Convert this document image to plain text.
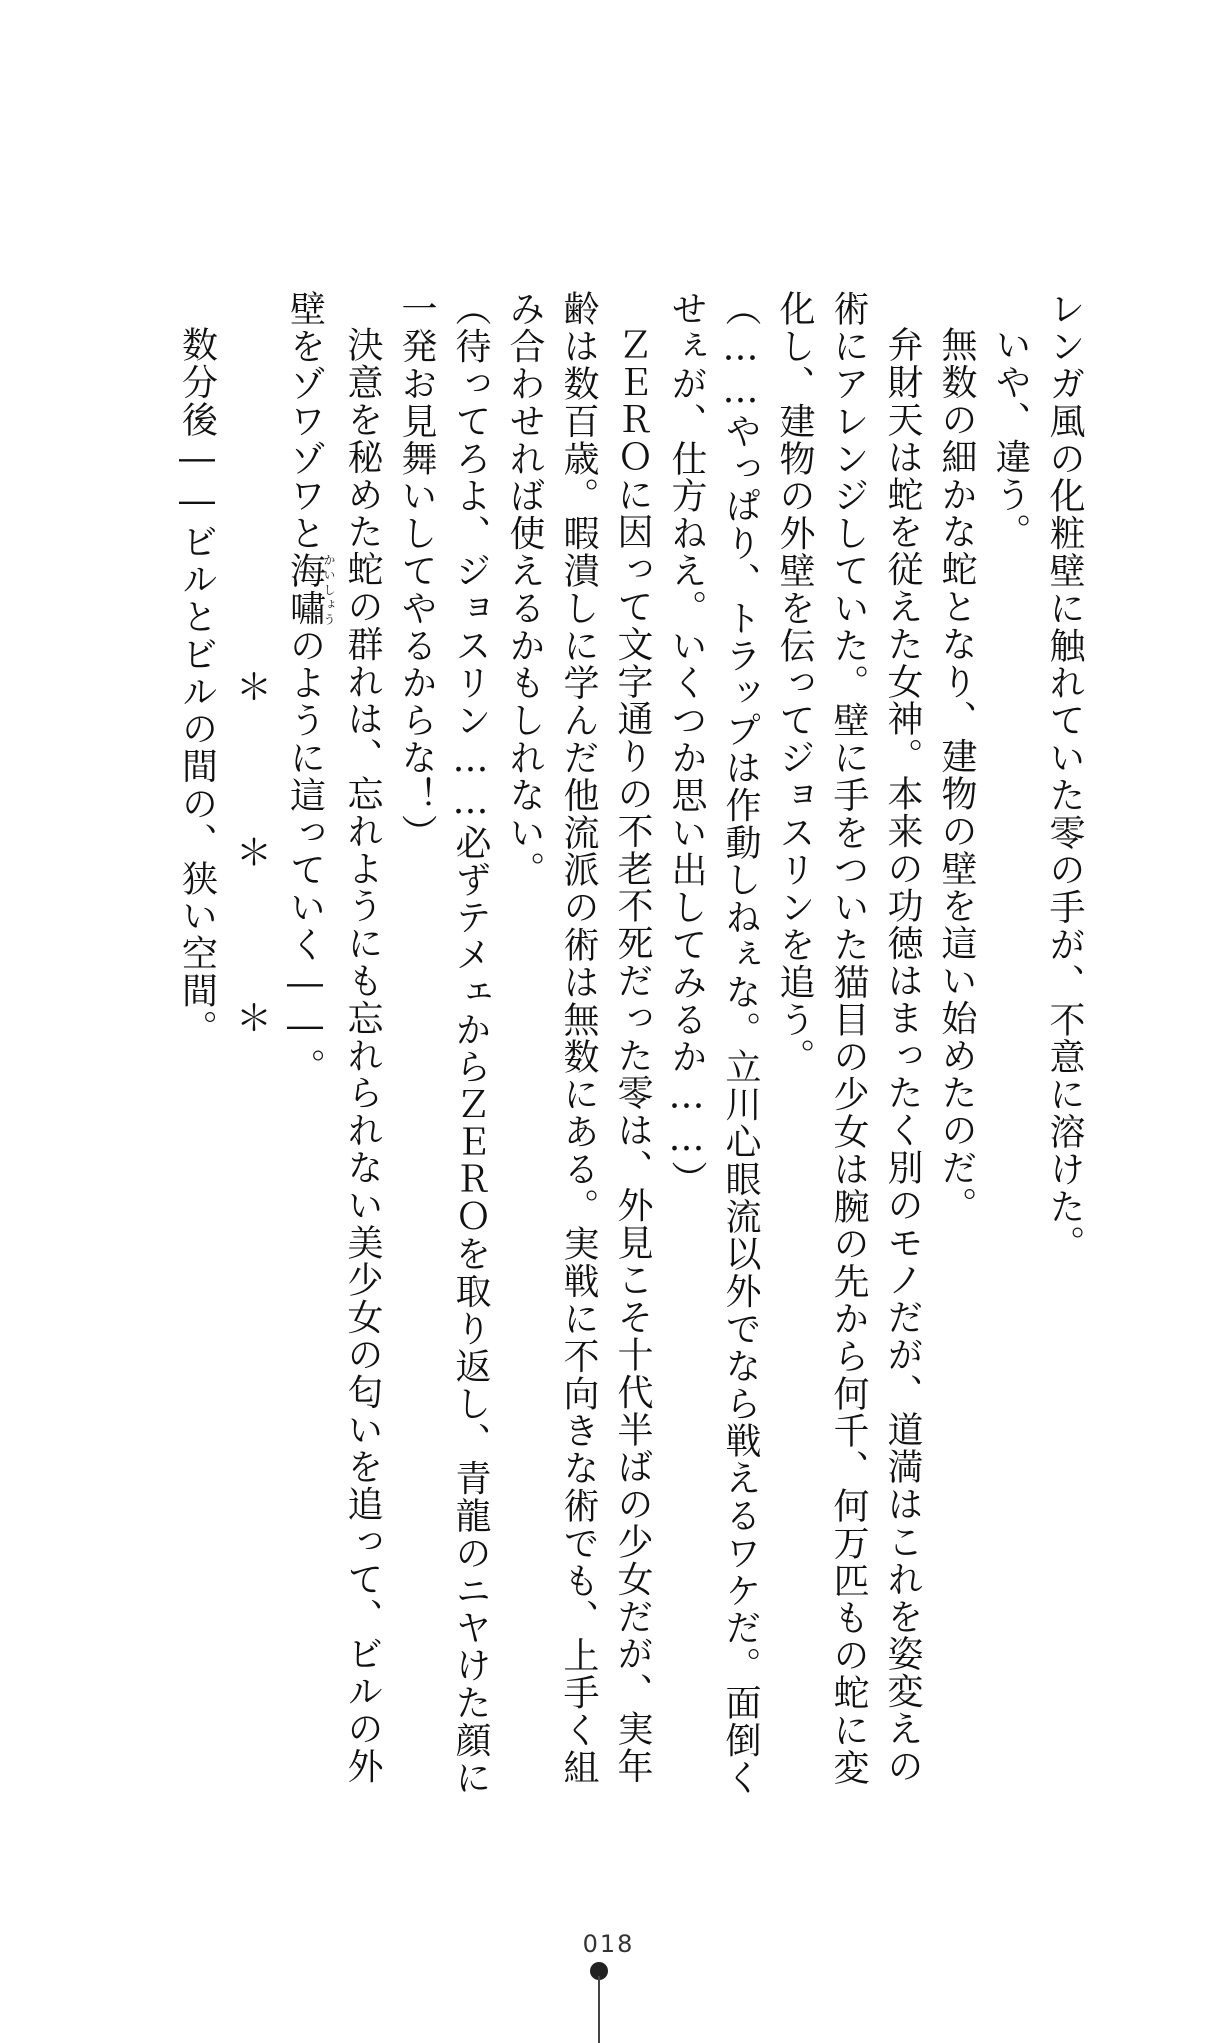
レンガ風の化粧壁に触れていた零の手が、不意に溶けた。
いや、違う。
無数の細かな蛇となり、建物の壁を這い始めたのだ。
弁財天は蛇を従えた女神。本来の功徳はまったく別のモノだが、道満はこれを姿変えの
術にアレンジしていた。壁に手をついた猫目の少女は腕の先から何千、何万匹もの蛇に変
化し、建物の外壁を伝ってジョスリンを追う。
（……やっぱり、トラップは作動しねぇな。立川心眼流以外でなら戦えるワケだ。面倒く
せぇが、仕方ねえ。いくつか思い出してみるか……）
ＺＥＲＯに因って文字通りの不老不死だった零は、外見こそ十代半ばの少女だが、実年
齢は数百歳。暇潰しに学んだ他流派の術は無数にある。実戦に不向きな術でも、上手く組
み合わせれば使えるかもしれない。
（待ってろよ、ジョスリン……必ずテメェからＺＥＲＯを取り返し、青龍のニヤけた顔に
一発お見舞いしてやるからな！）
決意を秘めた蛇の群れは、忘れようにも忘れられない美少女の匂いを追って、ビルの外
壁をゾワゾワと海嘯かいしょうのように這っていく――。
＊　＊　＊
数分後――ビルとビルの間の、狭い空間。
018
